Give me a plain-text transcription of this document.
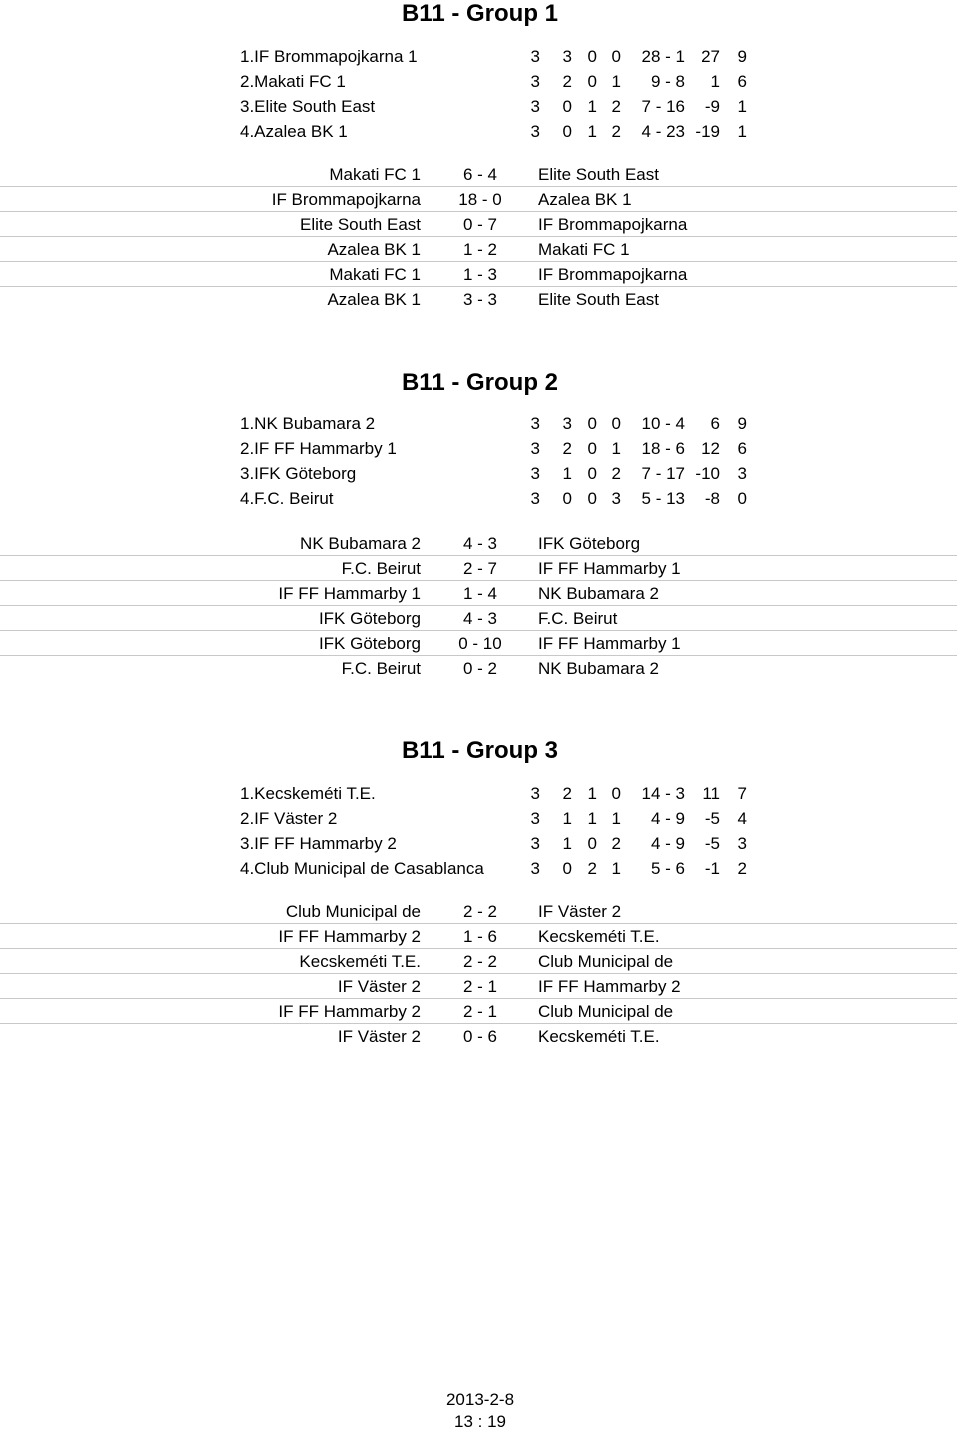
B11 - Group 1
1.IF Brommapojkarna 1	3 3 0 0	28 - 1 27 9
2.Makati FC 1	3 2 0 1	9 - 8	1 6
3.Elite South East	3 0 1 2	7 - 16	-9 1
4.Azalea BK 1	3 0 1 2	4 - 23 -19 1
Makati FC 1	6 - 4	Elite South East
IF Brommapojkarna	18 - 0	Azalea BK 1
Elite South East	0 - 7	IF Brommapojkarna
Azalea BK 1	1 - 2	Makati FC 1
Makati FC 1	1 - 3	IF Brommapojkarna
Azalea BK 1	3 - 3	Elite South East
B11 - Group 2
1.NK Bubamara 2	3 3 0 0	10 - 4	6 9
2.IF FF Hammarby 1	3 2 0 1	18 - 6 12 6
3.IFK Göteborg	3 1 0 2	7 - 17 -10 3
4.F.C. Beirut	3 0 0 3	5 - 13	-8 0
NK Bubamara 2	4 - 3	IFK Göteborg
F.C. Beirut	2 - 7	IF FF Hammarby 1
IF FF Hammarby 1	1 - 4	NK Bubamara 2
IFK Göteborg	4 - 3	F.C. Beirut
IFK Göteborg	0 - 10	IF FF Hammarby 1
F.C. Beirut	0 - 2	NK Bubamara 2
B11 - Group 3
1.Kecskeméti T.E.	3 2 1 0	14 - 3	11 7
2.IF Väster 2	3 1 1 1	4 - 9	-5 4
3.IF FF Hammarby 2	3 1 0 2	4 - 9	-5 3
4.Club Municipal de Casablanca	3 0 2 1	5 - 6	-1 2
Club Municipal de	2 - 2	IF Väster 2
IF FF Hammarby 2	1 - 6	Kecskeméti T.E.
Kecskeméti T.E.	2 - 2	Club Municipal de
IF Väster 2	2 - 1	IF FF Hammarby 2
IF FF Hammarby 2	2 - 1	Club Municipal de
IF Väster 2	0 - 6	Kecskeméti T.E.
2013-2-8
13 : 19
